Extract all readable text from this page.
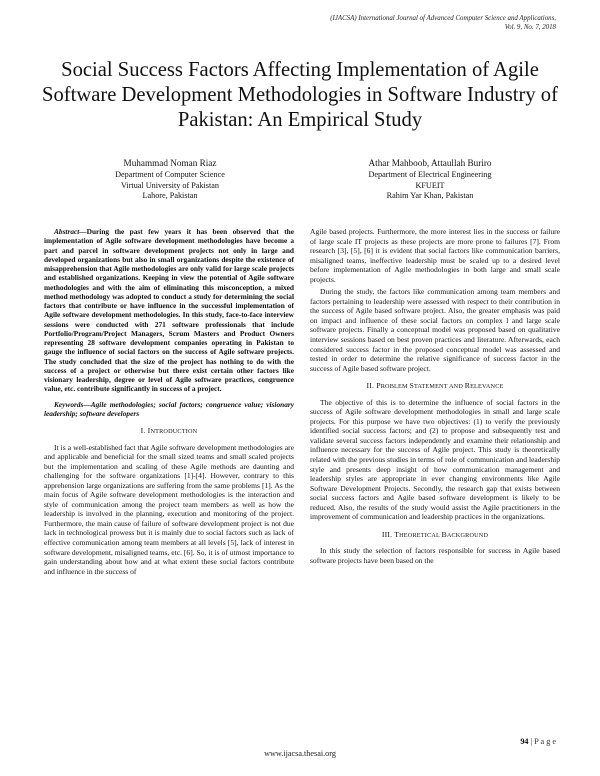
(IJACSA) International Journal of Advanced Computer Science and Applications,
Vol. 9, No. 7, 2018
Social Success Factors Affecting Implementation of Agile Software Development Methodologies in Software Industry of Pakistan: An Empirical Study
Muhammad Noman Riaz
Department of Computer Science
Virtual University of Pakistan
Lahore, Pakistan
Athar Mahboob, Attaullah Buriro
Department of Electrical Engineering
KFUEIT
Rahim Yar Khan, Pakistan

Abstract—During the past few years it has been observed that the implementation of Agile software development methodologies have become a part and parcel in software development projects not only in large and developed organizations but also in small organizations despite the existence of misapprehension that Agile methodologies are only valid for large scale projects and established organizations. Keeping in view the potential of Agile software methodologies and with the aim of eliminating this misconception, a mixed method methodology was adopted to conduct a study for determining the social factors that contribute or have influence in the successful implementation of Agile software development methodologies. In this study, face-to-face interview sessions were conducted with 271 software professionals that include Portfolio/Program/Project Managers, Scrum Masters and Product Owners representing 28 software development companies operating in Pakistan to gauge the influence of social factors on the success of Agile software projects. The study concluded that the size of the project has nothing to do with the success of a project or otherwise but there exist certain other factors like visionary leadership, degree or level of Agile software practices, congruence value, etc. contribute significantly in success of a project.

Keywords—Agile methodologies; social factors; congruence value; visionary leadership; software developers

I. INTRODUCTION

It is a well-established fact that Agile software development methodologies are and applicable and beneficial for the small sized teams and small scaled projects but the implementation and scaling of these Agile methods are daunting and challenging for the software organizations [1]-[4]. However, contrary to this apprehension large organizations are suffering from the same problems [1]. As the main focus of Agile software development methodologies is the interaction and style of communication among the project team members as well as how the leadership is involved in the planning, execution and monitoring of the project. Furthermore, the main cause of failure of software development project is not due lack in technological prowess but it is mainly due to social factors such as lack of effective communication among team members at all levels [5], lack of interest in software development, misaligned teams, etc. [6]. So, it is of utmost importance to gain understanding about how and at what extent these social factors contribute and influence in the success of

Agile based projects. Furthermore, the more interest lies in the success or failure of large scale IT projects as these projects are more prone to failures [7]. From research [3], [5], [6] it is evident that social factors like communication barriers, misaligned teams, ineffective leadership must be scaled up to a desired level before implementation of Agile methodologies in both large and small scale projects.

During the study, the factors like communication among team members and factors pertaining to leadership were assessed with respect to their contribution in the success of Agile based software project. Also, the greater emphasis was paid on impact and influence of these social factors on complex l and large scale software projects. Finally a conceptual model was proposed based on qualitative interview sessions based on best proven practices and literature. Afterwards, each considered success factor in the proposed conceptual model was assessed and tested in order to determine the relative significance of success factor in the success of Agile based software project.

II. PROBLEM STATEMENT AND RELEVANCE

The objective of this is to determine the influence of social factors in the success of Agile software development methodologies in small and large scale projects. For this purpose we have two objectives: (1) to verify the previously identified social success factors; and (2) to propose and subsequently test and validate several success factors independently and examine their relationship and influence necessary for the success of Agile project. This study is theoretically related with the previous studies in terms of role of communication and leadership style and presents deep insight of how communication management and leadership styles are appropriate in ever changing environments like Agile Software Development Projects. Secondly, the research gap that exists between social success factors and Agile based software development is likely to be reduced. Also, the results of the study would assist the Agile practitioners in the improvement of communication and leadership practices in the organizations.

III. THEORETICAL BACKGROUND

In this study the selection of factors responsible for success in Agile based software projects have been based on the

94 | P a g e
www.ijacsa.thesai.org
